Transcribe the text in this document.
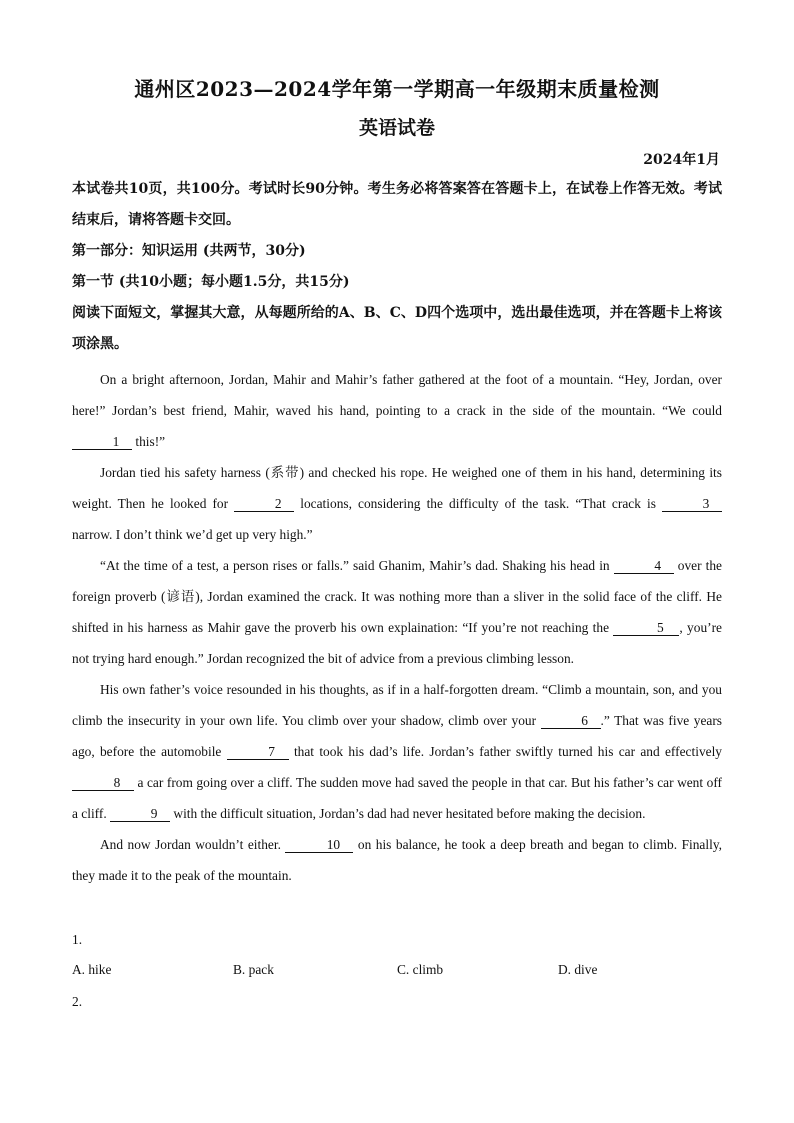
通州区2023—2024学年第一学期高一年级期末质量检测
英语试卷
2024年1月
本试卷共10页，共100分。考试时长90分钟。考生务必将答案答在答题卡上，在试卷上作答无效。考试结束后，请将答题卡交回。
第一部分：知识运用 (共两节，30分)
第一节 (共10小题；每小题1.5分，共15分)
阅读下面短文，掌握其大意，从每题所给的A、B、C、D四个选项中，选出最佳选项，并在答题卡上将该项涂黑。

On a bright afternoon, Jordan, Mahir and Mahir’s father gathered at the foot of a mountain. “Hey, Jordan, over here!” Jordan’s best friend, Mahir, waved his hand, pointing to a crack in the side of the mountain. “We could 1 this!”

Jordan tied his safety harness (系带) and checked his rope. He weighed one of them in his hand, determining its weight. Then he looked for	2 locations, considering the difficulty of the task. “That crack is	3 narrow. I don’t think we’d get up very high.”

“At the time of a test, a person rises or falls.” said Ghanim, Mahir’s dad. Shaking his head in	4 over the foreign proverb (谚语), Jordan examined the crack. It was nothing more than a sliver in the solid face of the cliff. He shifted in his harness as Mahir gave the proverb his own explaination: “If you’re not reaching the	5 , you’re not trying hard enough.” Jordan recognized the bit of advice from a previous climbing lesson.

His own father’s voice resounded in his thoughts, as if in a half-forgotten dream. “Climb a mountain, son, and you climb the insecurity in your own life. You climb over your shadow, climb over your	6 .” That was five years ago, before the automobile	7 that took his dad’s life. Jordan’s father swiftly turned his car and effectively 8 a car from going over a cliff. The sudden move had saved the people in that car. But his father’s car went off a cliff.	9 with the difficult situation, Jordan’s dad had never hesitated before making the decision.

And now Jordan wouldn’t either.	10 on his balance, he took a deep breath and began to climb. Finally, they made it to the peak of the mountain.

1.
A. hike	B. pack	C. climb	D. dive
2.
